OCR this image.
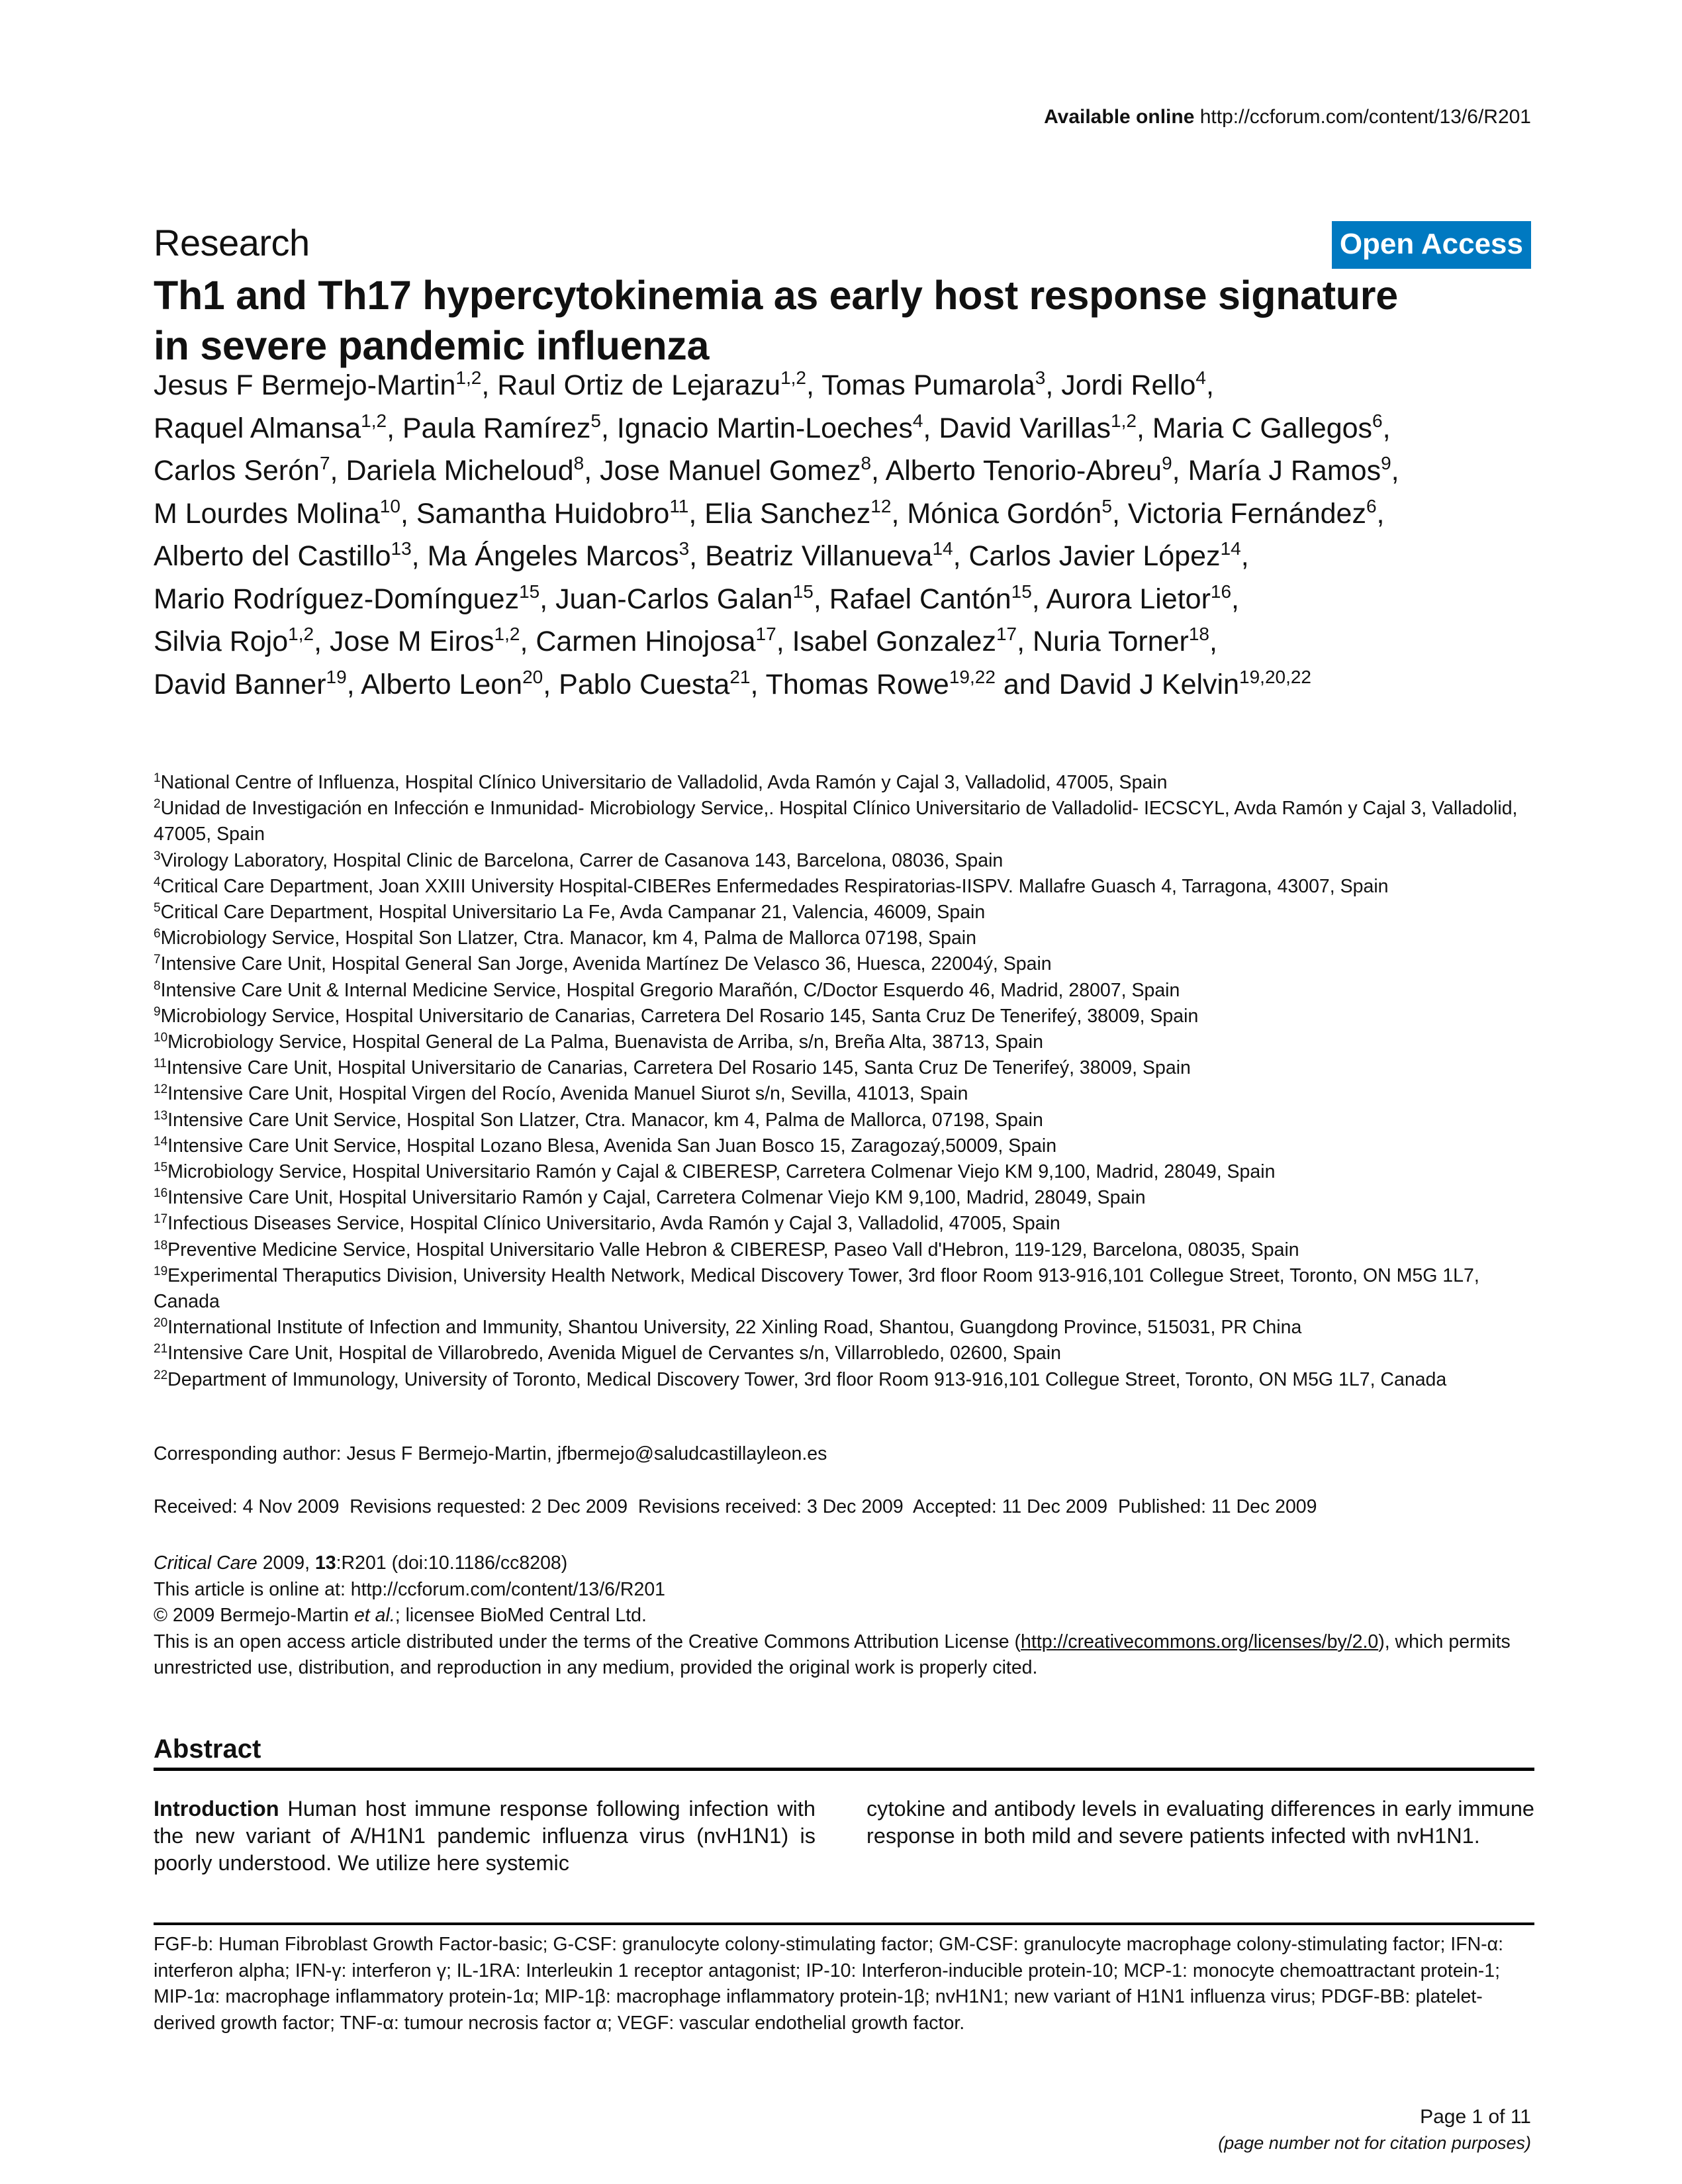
Available online http://ccforum.com/content/13/6/R201
Research	Open Access
Th1 and Th17 hypercytokinemia as early host response signature
in severe pandemic influenza
Jesus F Bermejo-Martin$^{1,2}$, Raul Ortiz de Lejarazu$^{1,2}$, Tomas Pumarola$^3$, Jordi Rello$^4$,
Raquel Almansa$^{1,2}$, Paula Ramírez$^5$, Ignacio Martin-Loeches$^4$, David Varillas$^{1,2}$, Maria C Gallegos$^6$,
Carlos Serón$^7$, Dariela Micheloud$^8$, Jose Manuel Gomez$^8$, Alberto Tenorio-Abreu$^9$, María J Ramos$^9$,
M Lourdes Molina$^{10}$, Samantha Huidobro$^{11}$, Elia Sanchez$^{12}$, Mónica Gordón$^5$, Victoria Fernández$^6$,
Alberto del Castillo$^{13}$, Ma Ángeles Marcos$^3$, Beatriz Villanueva$^{14}$, Carlos Javier López$^{14}$,
Mario Rodríguez-Domínguez$^{15}$, Juan-Carlos Galan$^{15}$, Rafael Cantón$^{15}$, Aurora Lietor$^{16}$,
Silvia Rojo$^{1,2}$, Jose M Eiros$^{1,2}$, Carmen Hinojosa$^{17}$, Isabel Gonzalez$^{17}$, Nuria Torner$^{18}$,
David Banner$^{19}$, Alberto Leon$^{20}$, Pablo Cuesta$^{21}$, Thomas Rowe$^{19,22}$ and David J Kelvin$^{19,20,22}$
$^1$National Centre of Influenza, Hospital Clínico Universitario de Valladolid, Avda Ramón y Cajal 3, Valladolid, 47005, Spain
$^2$Unidad de Investigación en Infección e Inmunidad- Microbiology Service,. Hospital Clínico Universitario de Valladolid- IECSCYL, Avda Ramón y Cajal 3, Valladolid, 47005, Spain
$^3$Virology Laboratory, Hospital Clinic de Barcelona, Carrer de Casanova 143, Barcelona, 08036, Spain
$^4$Critical Care Department, Joan XXIII University Hospital-CIBERes Enfermedades Respiratorias-IISPV. Mallafre Guasch 4, Tarragona, 43007, Spain
$^5$Critical Care Department, Hospital Universitario La Fe, Avda Campanar 21, Valencia, 46009, Spain
$^6$Microbiology Service, Hospital Son Llatzer, Ctra. Manacor, km 4, Palma de Mallorca 07198, Spain
$^7$Intensive Care Unit, Hospital General San Jorge, Avenida Martínez De Velasco 36, Huesca, 22004ý, Spain
$^8$Intensive Care Unit & Internal Medicine Service, Hospital Gregorio Marañón, C/Doctor Esquerdo 46, Madrid, 28007, Spain
$^9$Microbiology Service, Hospital Universitario de Canarias, Carretera Del Rosario 145, Santa Cruz De Tenerifeý, 38009, Spain
$^{10}$Microbiology Service, Hospital General de La Palma, Buenavista de Arriba, s/n, Breña Alta, 38713, Spain
$^{11}$Intensive Care Unit, Hospital Universitario de Canarias, Carretera Del Rosario 145, Santa Cruz De Tenerifeý, 38009, Spain
$^{12}$Intensive Care Unit, Hospital Virgen del Rocío, Avenida Manuel Siurot s/n, Sevilla, 41013, Spain
$^{13}$Intensive Care Unit Service, Hospital Son Llatzer, Ctra. Manacor, km 4, Palma de Mallorca, 07198, Spain
$^{14}$Intensive Care Unit Service, Hospital Lozano Blesa, Avenida San Juan Bosco 15, Zaragozaý,50009, Spain
$^{15}$Microbiology Service, Hospital Universitario Ramón y Cajal & CIBERESP, Carretera Colmenar Viejo KM 9,100, Madrid, 28049, Spain
$^{16}$Intensive Care Unit, Hospital Universitario Ramón y Cajal, Carretera Colmenar Viejo KM 9,100, Madrid, 28049, Spain
$^{17}$Infectious Diseases Service, Hospital Clínico Universitario, Avda Ramón y Cajal 3, Valladolid, 47005, Spain
$^{18}$Preventive Medicine Service, Hospital Universitario Valle Hebron & CIBERESP, Paseo Vall d'Hebron, 119-129, Barcelona, 08035, Spain
$^{19}$Experimental Theraputics Division, University Health Network, Medical Discovery Tower, 3rd floor Room 913-916,101 Collegue Street, Toronto, ON M5G 1L7, Canada
$^{20}$International Institute of Infection and Immunity, Shantou University, 22 Xinling Road, Shantou, Guangdong Province, 515031, PR China
$^{21}$Intensive Care Unit, Hospital de Villarobredo, Avenida Miguel de Cervantes s/n, Villarrobledo, 02600, Spain
$^{22}$Department of Immunology, University of Toronto, Medical Discovery Tower, 3rd floor Room 913-916,101 Collegue Street, Toronto, ON M5G 1L7, Canada
Corresponding author: Jesus F Bermejo-Martin, jfbermejo@saludcastillayleon.es
Received: 4 Nov 2009  Revisions requested: 2 Dec 2009  Revisions received: 3 Dec 2009  Accepted: 11 Dec 2009  Published: 11 Dec 2009
Critical Care 2009, 13:R201 (doi:10.1186/cc8208)
This article is online at: http://ccforum.com/content/13/6/R201
© 2009 Bermejo-Martin et al.; licensee BioMed Central Ltd.
This is an open access article distributed under the terms of the Creative Commons Attribution License (http://creativecommons.org/licenses/by/2.0), which permits unrestricted use, distribution, and reproduction in any medium, provided the original work is properly cited.
Abstract
Introduction Human host immune response following infection with the new variant of A/H1N1 pandemic influenza virus (nvH1N1) is poorly understood. We utilize here systemic
cytokine and antibody levels in evaluating differences in early immune response in both mild and severe patients infected with nvH1N1.
FGF-b: Human Fibroblast Growth Factor-basic; G-CSF: granulocyte colony-stimulating factor; GM-CSF: granulocyte macrophage colony-stimulating factor; IFN-α: interferon alpha; IFN-γ: interferon γ; IL-1RA: Interleukin 1 receptor antagonist; IP-10: Interferon-inducible protein-10; MCP-1: monocyte chemoattractant protein-1; MIP-1α: macrophage inflammatory protein-1α; MIP-1β: macrophage inflammatory protein-1β; nvH1N1; new variant of H1N1 influenza virus; PDGF-BB: platelet-derived growth factor; TNF-α: tumour necrosis factor α; VEGF: vascular endothelial growth factor.
Page 1 of 11
(page number not for citation purposes)
